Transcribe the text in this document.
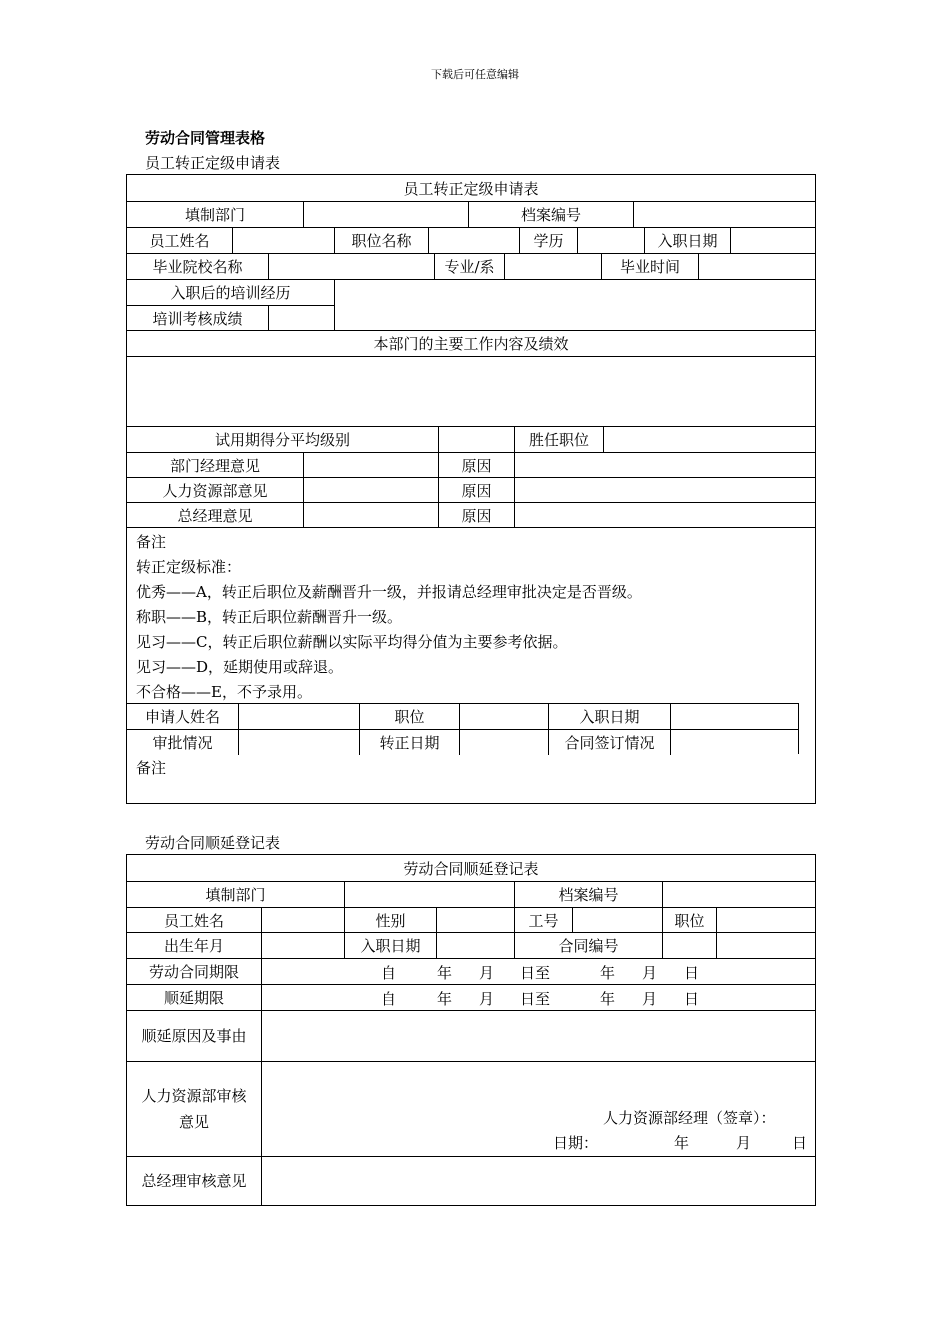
下载后可任意编辑
劳动合同管理表格
员工转正定级申请表
员工转正定级申请表
填制部门	档案编号
员工姓名	职位名称	学历	入职日期
毕业院校名称	专业/系	毕业时间
入职后的培训经历
培训考核成绩
本部门的主要工作内容及绩效
试用期得分平均级别	胜任职位
部门经理意见	原因
人力资源部意见	原因
总经理意见	原因
备注
转正定级标准：
优秀——A，转正后职位及薪酬晋升一级，并报请总经理审批决定是否晋级。
称职——B，转正后职位薪酬晋升一级。
见习——C，转正后职位薪酬以实际平均得分值为主要参考依据。
见习——D，延期使用或辞退。
不合格——E，不予录用。
申请人姓名	职位	入职日期
审批情况	转正日期	合同签订情况
备注
劳动合同顺延登记表
劳动合同顺延登记表
填制部门	档案编号
员工姓名	性别	工号	职位
出生年月	入职日期	合同编号
劳动合同期限	自	年 月 日至	年 月 日
顺延期限	自	年 月 日至	年 月 日
顺延原因及事由
人力资源部审核意见	人力资源部经理（签章）：
日期：	年	月	日
总经理审核意见
